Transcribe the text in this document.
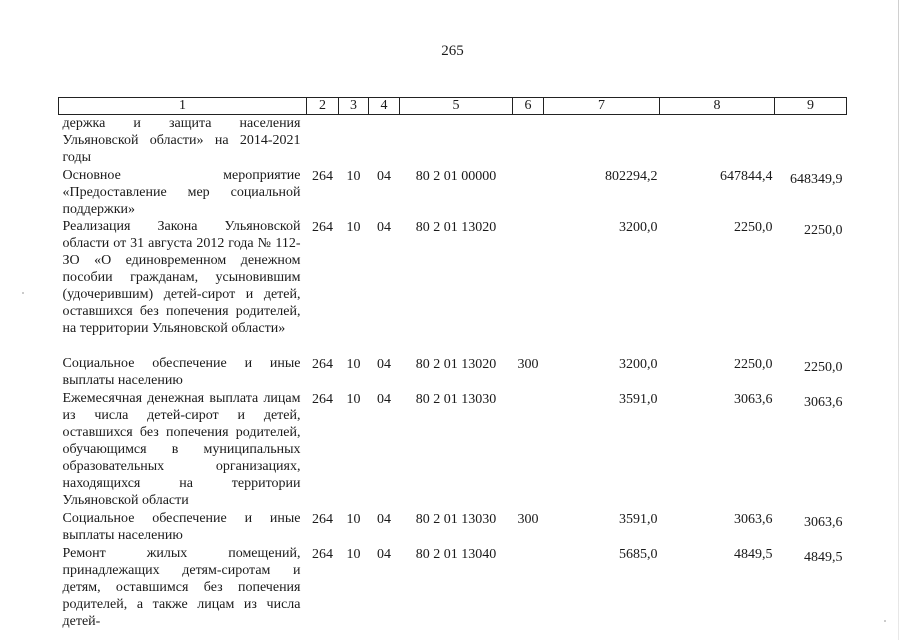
265
1	2	3	4	5	6	7	8	9
держка и защита населения Ульяновской области» на 2014-2021 годы								
Основное мероприятие «Предоставление мер социальной поддержки»	264	10	04	80 2 01 00000		802294,2	647844,4	648349,9
Реализация Закона Ульяновской области от 31 августа 2012 года № 112-ЗО «О единовременном денежном пособии гражданам, усыновившим (удочерившим) детей-сирот и детей, оставшихся без попечения родителей, на территории Ульяновской области»	264	10	04	80 2 01 13020		3200,0	2250,0	2250,0
Социальное обеспечение и иные выплаты населению	264	10	04	80 2 01 13020	300	3200,0	2250,0	2250,0
Ежемесячная денежная выплата лицам из числа детей-сирот и детей, оставшихся без попечения родителей, обучающимся в муниципальных образовательных организациях, находящихся на территории Ульяновской области	264	10	04	80 2 01 13030		3591,0	3063,6	3063,6
Социальное обеспечение и иные выплаты населению	264	10	04	80 2 01 13030	300	3591,0	3063,6	3063,6
Ремонт жилых помещений, принадлежащих детям-сиротам и детям, оставшимся без попечения родителей, а также лицам из числа детей-	264	10	04	80 2 01 13040		5685,0	4849,5	4849,5
